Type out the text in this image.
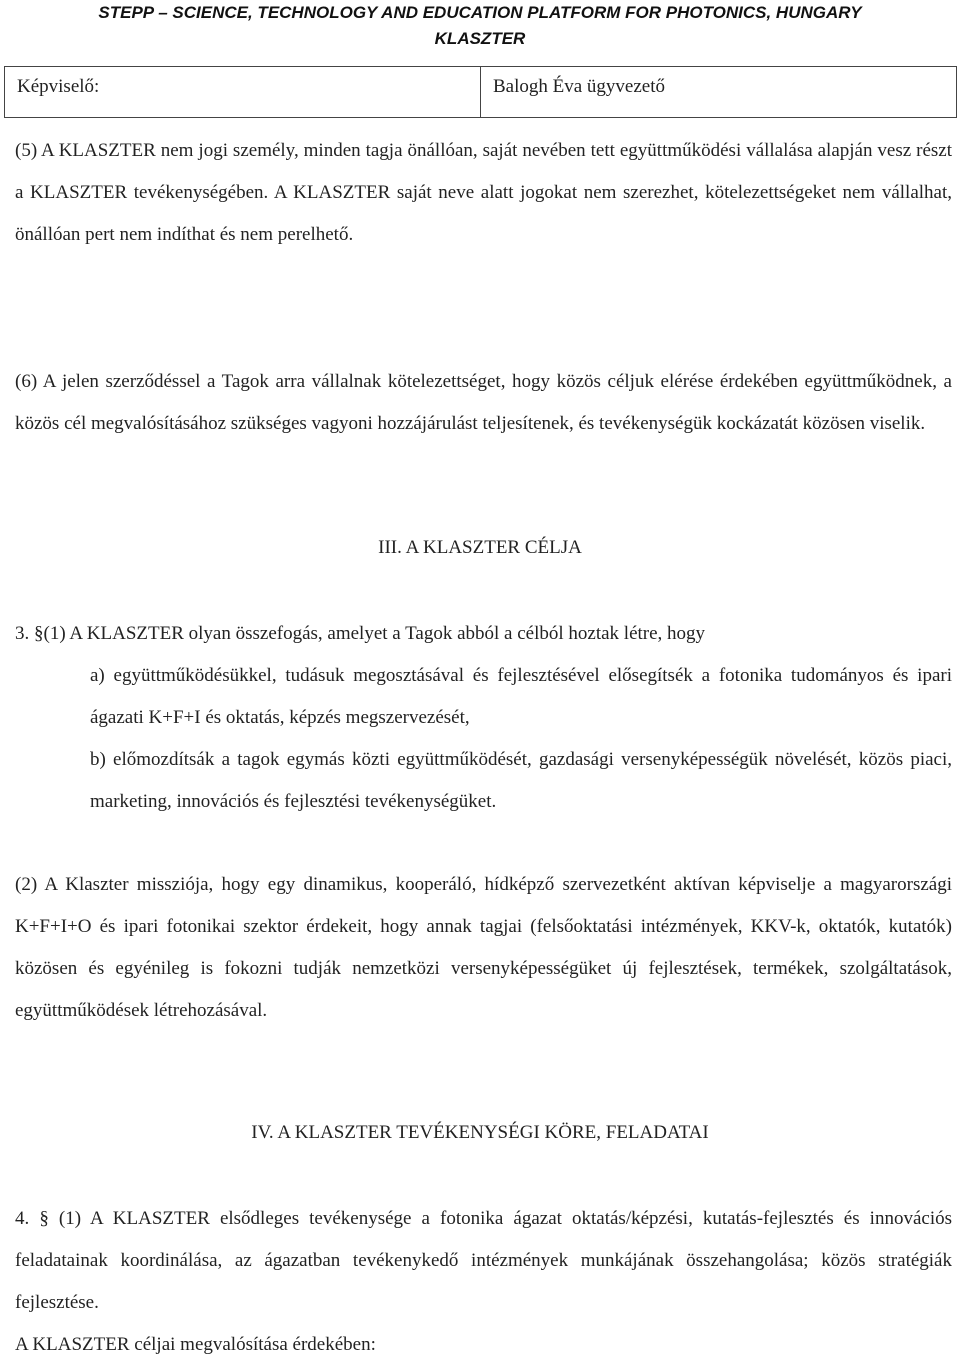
STEPP – SCIENCE, TECHNOLOGY AND EDUCATION PLATFORM FOR PHOTONICS, HUNGARY
KLASZTER
Képviselő:	Balogh Éva ügyvezető

(5) A KLASZTER nem jogi személy, minden tagja önállóan, saját nevében tett együttműködési vállalása alapján vesz részt a KLASZTER tevékenységében. A KLASZTER saját neve alatt jogokat nem szerezhet, kötelezettségeket nem vállalhat, önállóan pert nem indíthat és nem perelhető.

(6) A jelen szerződéssel a Tagok arra vállalnak kötelezettséget, hogy közös céljuk elérése érdekében együttműködnek, a közös cél megvalósításához szükséges vagyoni hozzájárulást teljesítenek, és tevékenységük kockázatát közösen viselik.

III. A KLASZTER CÉLJA

3. §(1) A KLASZTER olyan összefogás, amelyet a Tagok abból a célból hoztak létre, hogy

a) együttműködésükkel, tudásuk megosztásával és fejlesztésével elősegítsék a fotonika tudományos és ipari ágazati K+F+I és oktatás, képzés megszervezését,

b) előmozdítsák a tagok egymás közti együttműködését, gazdasági versenyképességük növelését, közös piaci, marketing, innovációs és fejlesztési tevékenységüket.

(2) A Klaszter missziója, hogy egy dinamikus, kooperáló, hídképző szervezetként aktívan képviselje a magyarországi K+F+I+O és ipari fotonikai szektor érdekeit, hogy annak tagjai (felsőoktatási intézmények, KKV-k, oktatók, kutatók) közösen és egyénileg is fokozni tudják nemzetközi versenyképességüket új fejlesztések, termékek, szolgáltatások, együttműködések létrehozásával.

IV. A KLASZTER TEVÉKENYSÉGI KÖRE, FELADATAI

4. § (1) A KLASZTER elsődleges tevékenysége a fotonika ágazat oktatás/képzési, kutatás-fejlesztés és innovációs feladatainak koordinálása, az ágazatban tevékenykedő intézmények munkájának összehangolása; közös stratégiák fejlesztése.

A KLASZTER céljai megvalósítása érdekében:
